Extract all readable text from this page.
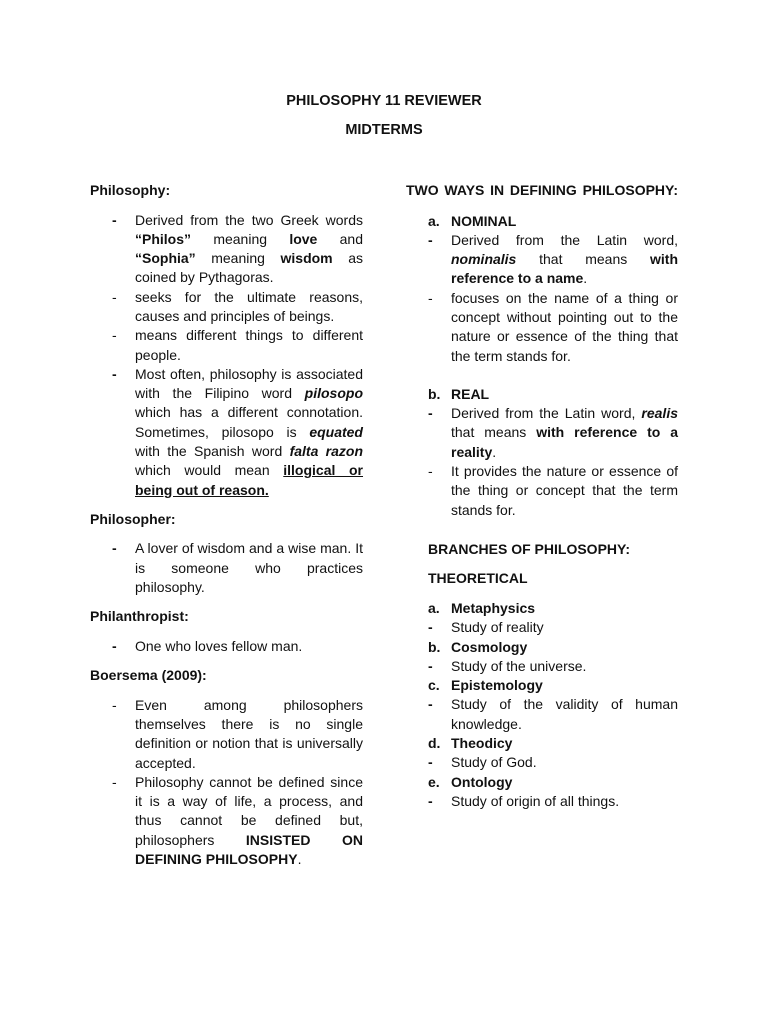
PHILOSOPHY 11 REVIEWER
MIDTERMS

Philosophy:

- Derived from the two Greek words “Philos” meaning love and “Sophia” meaning wisdom as coined by Pythagoras.
- seeks for the ultimate reasons, causes and principles of beings.
- means different things to different people.
- Most often, philosophy is associated with the Filipino word pilosopo which has a different connotation. Sometimes, pilosopo is equated with the Spanish word falta razon which would mean illogical or being out of reason.

Philosopher:

- A lover of wisdom and a wise man. It is someone who practices philosophy.

Philanthropist:

- One who loves fellow man.

Boersema (2009):

- Even among philosophers themselves there is no single definition or notion that is universally accepted.
- Philosophy cannot be defined since it is a way of life, a process, and thus cannot be defined but, philosophers INSISTED ON DEFINING PHILOSOPHY.

TWO WAYS IN DEFINING PHILOSOPHY:

a. NOMINAL
- Derived from the Latin word, nominalis that means with reference to a name.
- focuses on the name of a thing or concept without pointing out to the nature or essence of the thing that the term stands for.
b. REAL
- Derived from the Latin word, realis that means with reference to a reality.
- It provides the nature or essence of the thing or concept that the term stands for.

BRANCHES OF PHILOSOPHY:

THEORETICAL

a. Metaphysics
- Study of reality
b. Cosmology
- Study of the universe.
c. Epistemology
- Study of the validity of human knowledge.
d. Theodicy
- Study of God.
e. Ontology
- Study of origin of all things.
